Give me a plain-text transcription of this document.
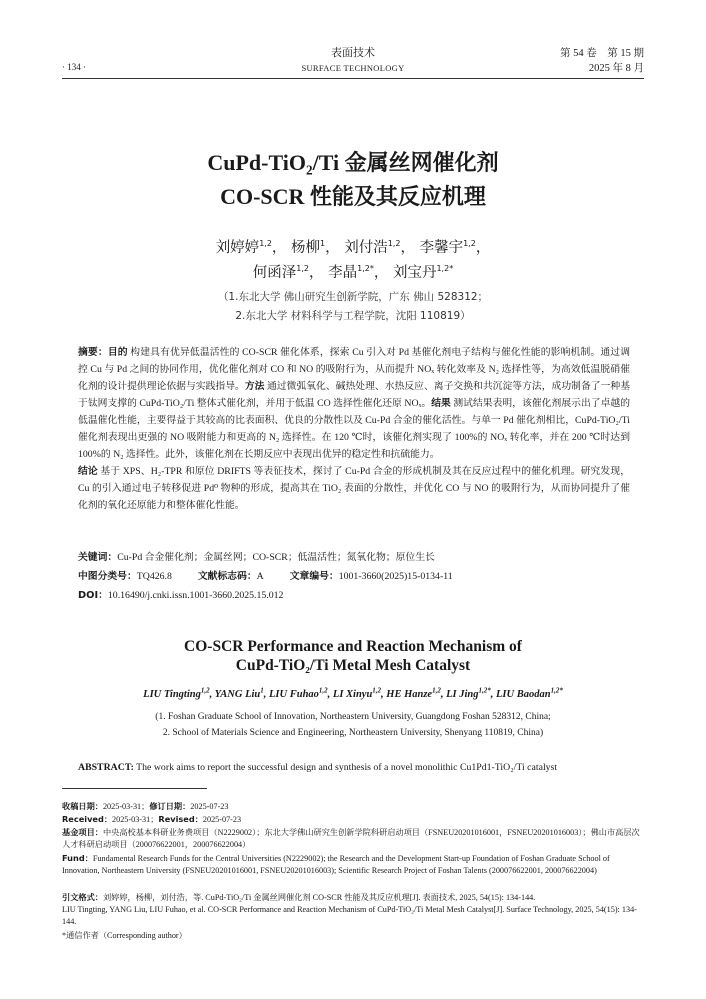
· 134 ·
表面技术
SURFACE TECHNOLOGY
第 54 卷　第 15 期
2025 年 8 月
CuPd-TiO₂/Ti 金属丝网催化剂
CO-SCR 性能及其反应机理
刘婷婷$^{1,2}$， 杨柳$^1$， 刘付浩$^{1,2}$， 李馨宇$^{1,2}$，
何函泽$^{1,2}$， 李晶$^{1,2*}$， 刘宝丹$^{1,2*}$
（1.东北大学 佛山研究生创新学院，广东 佛山 528312；
2.东北大学 材料科学与工程学院，沈阳 110819）

摘要：目的 构建具有优异低温活性的 CO-SCR 催化体系，探索 Cu 引入对 Pd 基催化剂电子结构与催化性能的影响机制。通过调控 Cu 与 Pd 之间的协同作用，优化催化剂对 CO 和 NO 的吸附行为，从而提升 NOₓ 转化效率及 N₂ 选择性等，为高效低温脱硝催化剂的设计提供理论依据与实践指导。方法 通过微弧氧化、碱热处理、水热反应、离子交换和共沉淀等方法，成功制备了一种基于钛网支撑的 CuPd-TiO₂/Ti 整体式催化剂，并用于低温 CO 选择性催化还原 NOₓ。结果 测试结果表明，该催化剂展示出了卓越的低温催化性能，主要得益于其较高的比表面积、优良的分散性以及 Cu-Pd 合金的催化活性。与单一 Pd 催化剂相比，CuPd-TiO₂/Ti 催化剂表现出更强的 NO 吸附能力和更高的 N₂ 选择性。在 120 ℃时，该催化剂实现了 100%的 NOₓ 转化率，并在 200 ℃时达到 100%的 N₂ 选择性。此外，该催化剂在长期反应中表现出优异的稳定性和抗硫能力。

结论 基于 XPS、H₂-TPR 和原位 DRIFTS 等表征技术，探讨了 Cu-Pd 合金的形成机制及其在反应过程中的催化机理。研究发现，Cu 的引入通过电子转移促进 Pd⁰ 物种的形成，提高其在 TiO₂ 表面的分散性，并优化 CO 与 NO 的吸附行为，从而协同提升了催化剂的氧化还原能力和整体催化性能。

关键词：Cu-Pd 合金催化剂；金属丝网；CO-SCR；低温活性；氮氧化物；原位生长
中图分类号：TQ426.8	文献标志码：A	文章编号：1001-3660(2025)15-0134-11
DOI：10.16490/j.cnki.issn.1001-3660.2025.15.012
CO-SCR Performance and Reaction Mechanism of
CuPd-TiO₂/Ti Metal Mesh Catalyst
LIU Tingting$^{1,2}$, YANG Liu$^1$, LIU Fuhao$^{1,2}$, LI Xinyu$^{1,2}$, HE Hanze$^{1,2}$, LI Jing$^{1,2*}$, LIU Baodan$^{1,2*}$
(1. Foshan Graduate School of Innovation, Northeastern University, Guangdong Foshan 528312, China;
2. School of Materials Science and Engineering, Northeastern University, Shenyang 110819, China)
ABSTRACT: The work aims to report the successful design and synthesis of a novel monolithic Cu1Pd1-TiO₂/Ti catalyst
收稿日期：2025-03-31；修订日期：2025-07-23
Received：2025-03-31；Revised：2025-07-23
基金项目：中央高校基本科研业务费项目（N2229002）；东北大学佛山研究生创新学院科研启动项目（FSNEU20201016001，FSNEU20201016003）；佛山市高层次人才科研启动项目（200076622001，200076622004）
Fund：Fundamental Research Funds for the Central Universities (N2229002); the Research and the Development Start-up Foundation of Foshan Graduate School of Innovation, Northeastern University (FSNEU20201016001, FSNEU20201016003); Scientific Research Project of Foshan Talents (200076622001, 200076622004)
引文格式：刘婷婷，杨柳，刘付浩，等. CuPd-TiO₂/Ti 金属丝网催化剂 CO-SCR 性能及其反应机理[J]. 表面技术, 2025, 54(15): 134-144.
LIU Tingting, YANG Liu, LIU Fuhao, et al. CO-SCR Performance and Reaction Mechanism of CuPd-TiO₂/Ti Metal Mesh Catalyst[J]. Surface Technology, 2025, 54(15): 134-144.
*通信作者（Corresponding author）
